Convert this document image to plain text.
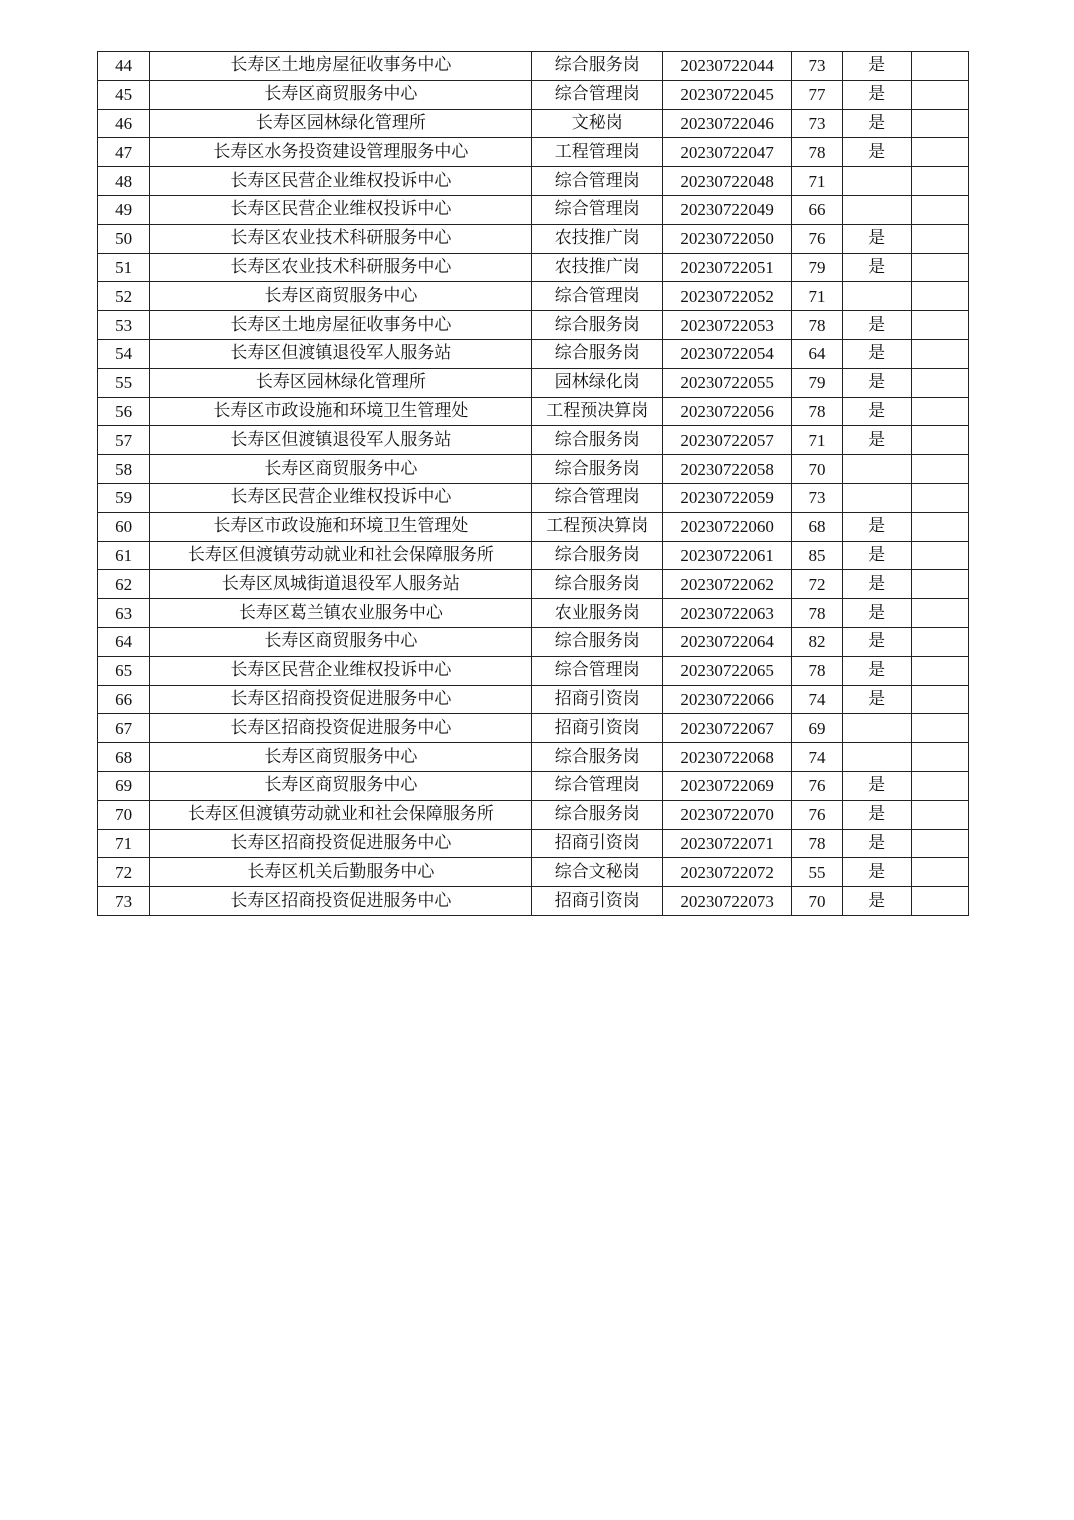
44	长寿区土地房屋征收事务中心	综合服务岗	20230722044	73	是	
45	长寿区商贸服务中心	综合管理岗	20230722045	77	是	
46	长寿区园林绿化管理所	文秘岗	20230722046	73	是	
47	长寿区水务投资建设管理服务中心	工程管理岗	20230722047	78	是	
48	长寿区民营企业维权投诉中心	综合管理岗	20230722048	71		
49	长寿区民营企业维权投诉中心	综合管理岗	20230722049	66		
50	长寿区农业技术科研服务中心	农技推广岗	20230722050	76	是	
51	长寿区农业技术科研服务中心	农技推广岗	20230722051	79	是	
52	长寿区商贸服务中心	综合管理岗	20230722052	71		
53	长寿区土地房屋征收事务中心	综合服务岗	20230722053	78	是	
54	长寿区但渡镇退役军人服务站	综合服务岗	20230722054	64	是	
55	长寿区园林绿化管理所	园林绿化岗	20230722055	79	是	
56	长寿区市政设施和环境卫生管理处	工程预决算岗	20230722056	78	是	
57	长寿区但渡镇退役军人服务站	综合服务岗	20230722057	71	是	
58	长寿区商贸服务中心	综合服务岗	20230722058	70		
59	长寿区民营企业维权投诉中心	综合管理岗	20230722059	73		
60	长寿区市政设施和环境卫生管理处	工程预决算岗	20230722060	68	是	
61	长寿区但渡镇劳动就业和社会保障服务所	综合服务岗	20230722061	85	是	
62	长寿区凤城街道退役军人服务站	综合服务岗	20230722062	72	是	
63	长寿区葛兰镇农业服务中心	农业服务岗	20230722063	78	是	
64	长寿区商贸服务中心	综合服务岗	20230722064	82	是	
65	长寿区民营企业维权投诉中心	综合管理岗	20230722065	78	是	
66	长寿区招商投资促进服务中心	招商引资岗	20230722066	74	是	
67	长寿区招商投资促进服务中心	招商引资岗	20230722067	69		
68	长寿区商贸服务中心	综合服务岗	20230722068	74		
69	长寿区商贸服务中心	综合管理岗	20230722069	76	是	
70	长寿区但渡镇劳动就业和社会保障服务所	综合服务岗	20230722070	76	是	
71	长寿区招商投资促进服务中心	招商引资岗	20230722071	78	是	
72	长寿区机关后勤服务中心	综合文秘岗	20230722072	55	是	
73	长寿区招商投资促进服务中心	招商引资岗	20230722073	70	是	
